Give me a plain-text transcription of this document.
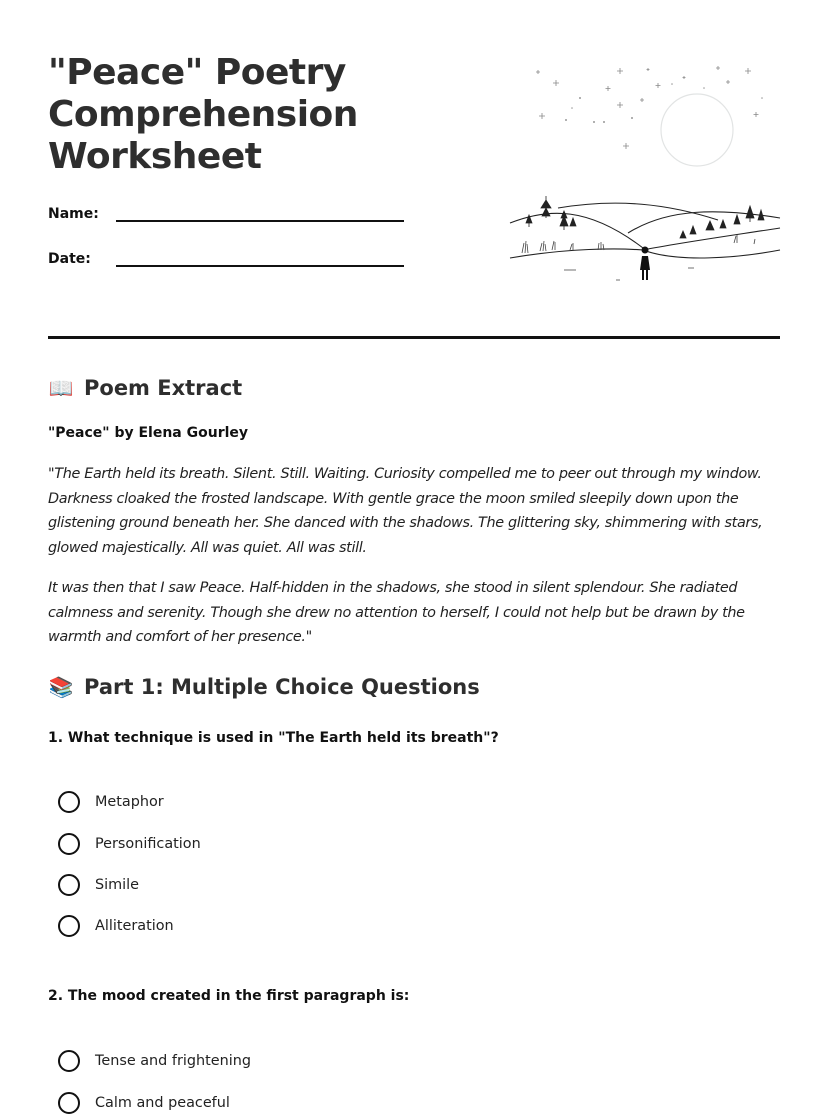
"Peace" Poetry Comprehension Worksheet
Name:
Date:
📖 Poem Extract
"Peace" by Elena Gourley

"The Earth held its breath. Silent. Still. Waiting. Curiosity compelled me to peer out through my window. Darkness cloaked the frosted landscape. With gentle grace the moon smiled sleepily down upon the glistening ground beneath her. She danced with the shadows. The glittering sky, shimmering with stars, glowed majestically. All was quiet. All was still.

It was then that I saw Peace. Half-hidden in the shadows, she stood in silent splendour. She radiated calmness and serenity. Though she drew no attention to herself, I could not help but be drawn by the warmth and comfort of her presence."

📚 Part 1: Multiple Choice Questions
1. What technique is used in "The Earth held its breath"?
Metaphor
Personification
Simile
Alliteration
2. The mood created in the first paragraph is:
Tense and frightening
Calm and peaceful
